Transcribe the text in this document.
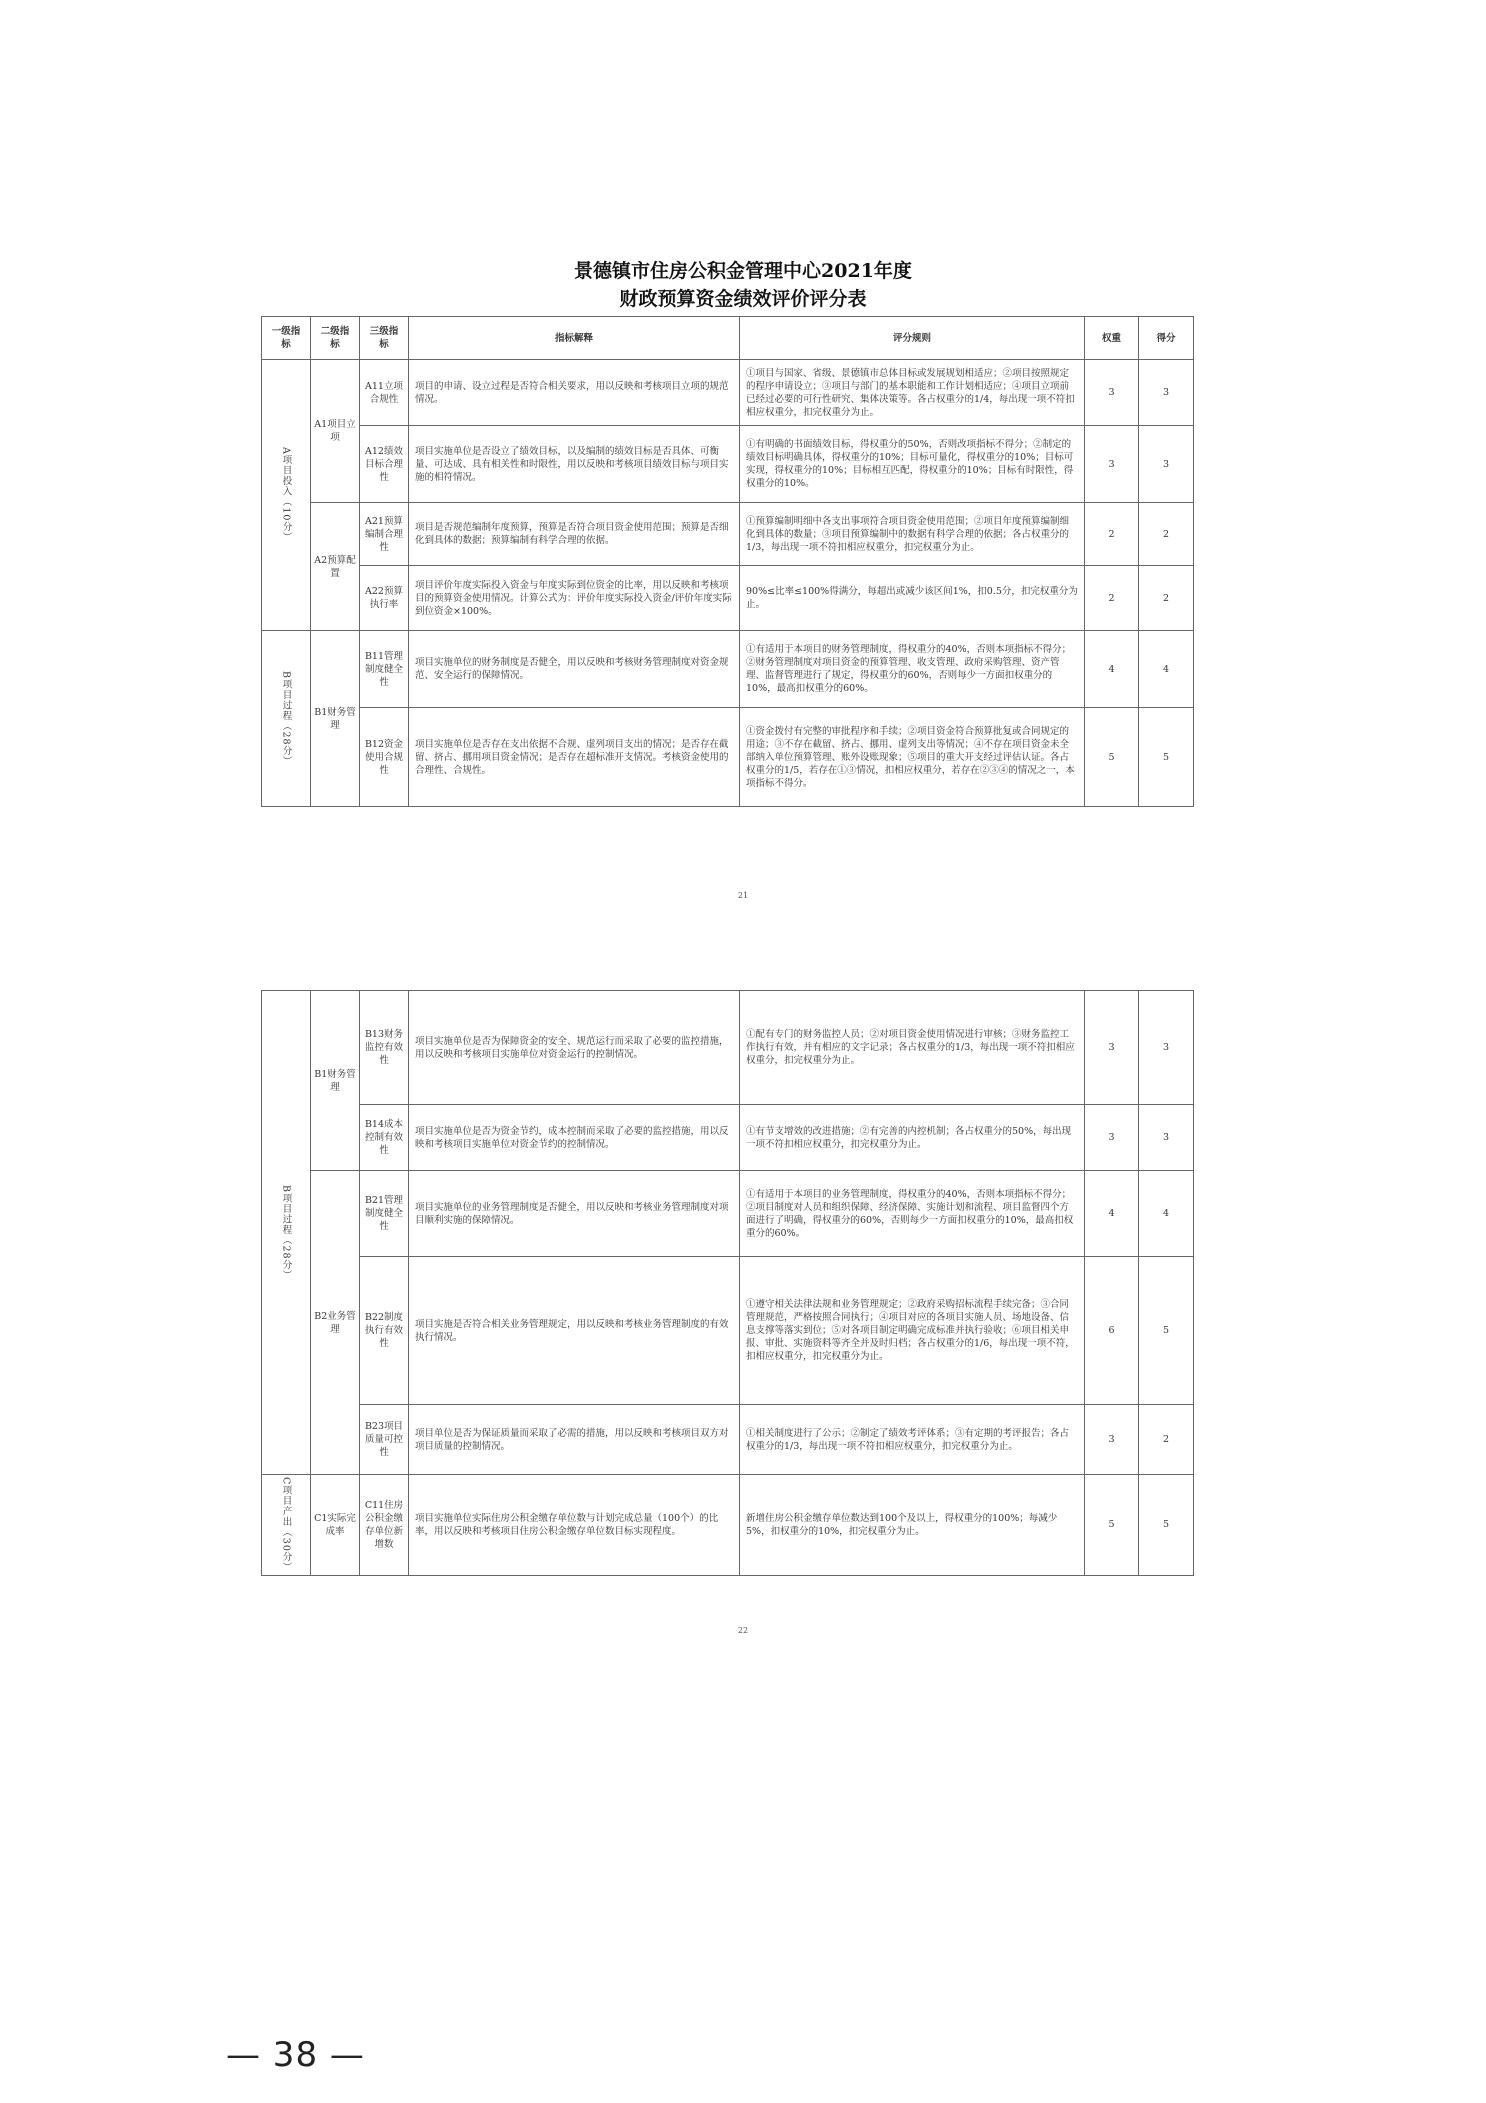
景德镇市住房公积金管理中心2021年度
财政预算资金绩效评价评分表
一级指标	二级指标	三级指标	指标解释	评分规则	权重	得分

A项目投入（10分）	A1项目立项	A11立项合规性	项目的申请、设立过程是否符合相关要求，用以反映和考核项目立项的规范情况。	①项目与国家、省级、景德镇市总体目标或发展规划相适应；②项目按照规定的程序申请设立；③项目与部门的基本职能和工作计划相适应；④项目立项前已经过必要的可行性研究、集体决策等。各占权重分的1/4，每出现一项不符扣相应权重分，扣完权重分为止。	3	3
		A12绩效目标合理性	项目实施单位是否设立了绩效目标，以及编制的绩效目标是否具体、可衡量、可达成、具有相关性和时限性，用以反映和考核项目绩效目标与项目实施的相符情况。	①有明确的书面绩效目标，得权重分的50%，否则改项指标不得分；②制定的绩效目标明确具体，得权重分的10%；目标可量化，得权重分的10%；目标可实现，得权重分的10%；目标相互匹配，得权重分的10%；目标有时限性，得权重分的10%。	3	3
	A2预算配置	A21预算编制合理性	项目是否规范编制年度预算，预算是否符合项目资金使用范围；预算是否细化到具体的数据；预算编制有科学合理的依据。	①预算编制明细中各支出事项符合项目资金使用范围；②项目年度预算编制细化到具体的数量；③项目预算编制中的数据有科学合理的依据；各占权重分的1/3，每出现一项不符扣相应权重分，扣完权重分为止。	2	2
		A22预算执行率	项目评价年度实际投入资金与年度实际到位资金的比率，用以反映和考核项目的预算资金使用情况。计算公式为：评价年度实际投入资金/评价年度实际到位资金×100%。	90%≤比率≤100%得满分，每超出或减少该区间1%，扣0.5分，扣完权重分为止。	2	2

B项目过程（28分）	B1财务管理	B11管理制度健全性	项目实施单位的财务制度是否健全，用以反映和考核财务管理制度对资金规范、安全运行的保障情况。	①有适用于本项目的财务管理制度，得权重分的40%，否则本项指标不得分；②财务管理制度对项目资金的预算管理、收支管理、政府采购管理、资产管理、监督管理进行了规定，得权重分的60%，否则每少一方面扣权重分的10%，最高扣权重分的60%。	4	4
		B12资金使用合规性	项目实施单位是否存在支出依据不合规、虚列项目支出的情况；是否存在截留、挤占、挪用项目资金情况；是否存在超标准开支情况。考核资金使用的合理性、合规性。	①资金拨付有完整的审批程序和手续；②项目资金符合预算批复或合同规定的用途；③不存在截留、挤占、挪用、虚列支出等情况；④不存在项目资金未全部纳入单位预算管理、账外设账现象；⑤项目的重大开支经过评估认证。各占权重分的1/5，若存在①③情况，扣相应权重分，若存在②③④的情况之一，本项指标不得分。	5	5
21
B项目过程（28分）	B1财务管理	B13财务监控有效性	项目实施单位是否为保障资金的安全、规范运行而采取了必要的监控措施，用以反映和考核项目实施单位对资金运行的控制情况。	①配有专门的财务监控人员；②对项目资金使用情况进行审核；③财务监控工作执行有效，并有相应的文字记录；各占权重分的1/3，每出现一项不符扣相应权重分，扣完权重分为止。	3	3
		B14成本控制有效性	项目实施单位是否为资金节约，成本控制而采取了必要的监控措施，用以反映和考核项目实施单位对资金节约的控制情况。	①有节支增效的改进措施；②有完善的内控机制；各占权重分的50%，每出现一项不符扣相应权重分，扣完权重分为止。	3	3
	B2业务管理	B21管理制度健全性	项目实施单位的业务管理制度是否健全，用以反映和考核业务管理制度对项目顺利实施的保障情况。	①有适用于本项目的业务管理制度，得权重分的40%，否则本项指标不得分；②项目制度对人员和组织保障、经济保障、实施计划和流程、项目监督四个方面进行了明确，得权重分的60%，否则每少一方面扣权重分的10%，最高扣权重分的60%。	4	4
		B22制度执行有效性	项目实施是否符合相关业务管理规定，用以反映和考核业务管理制度的有效执行情况。	①遵守相关法律法规和业务管理规定；②政府采购招标流程手续完备；③合同管理规范，严格按照合同执行；④项目对应的各项目实施人员、场地设备、信息支撑等落实到位；⑤对各项目制定明确完成标准并执行验收；⑥项目相关申报、审批、实施资料等齐全并及时归档；各占权重分的1/6，每出现一项不符，扣相应权重分，扣完权重分为止。	6	5
		B23项目质量可控性	项目单位是否为保证质量而采取了必需的措施，用以反映和考核项目双方对项目质量的控制情况。	①相关制度进行了公示；②制定了绩效考评体系；③有定期的考评报告；各占权重分的1/3，每出现一项不符扣相应权重分，扣完权重分为止。	3	2

C项目产出（30分）	C1实际完成率	C11住房公积金缴存单位新增数	项目实施单位实际住房公积金缴存单位数与计划完成总量（100个）的比率，用以反映和考核项目住房公积金缴存单位数目标实现程度。	新增住房公积金缴存单位数达到100个及以上，得权重分的100%；每减少5%，扣权重分的10%，扣完权重分为止。	5	5
22
— 38 —
